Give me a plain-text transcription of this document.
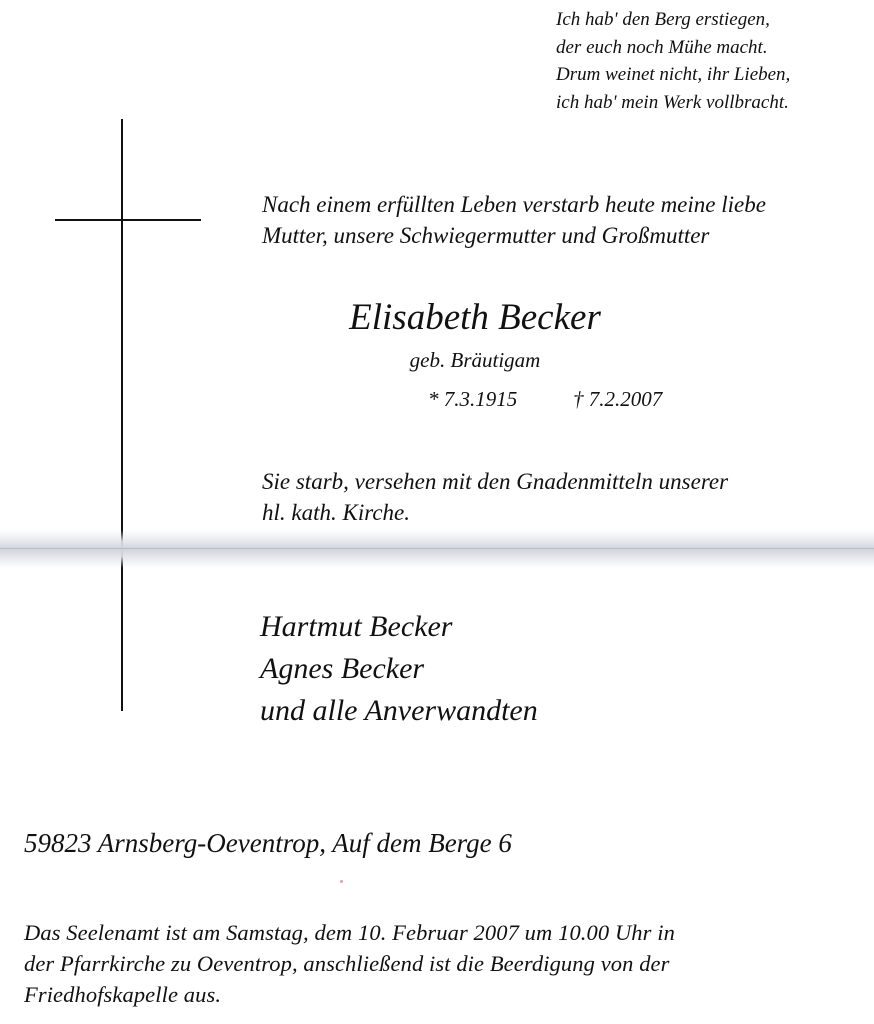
Ich hab' den Berg erstiegen,
der euch noch Mühe macht.
Drum weinet nicht, ihr Lieben,
ich hab' mein Werk vollbracht.
Nach einem erfüllten Leben verstarb heute meine liebe
Mutter, unsere Schwiegermutter und Großmutter
Elisabeth Becker
geb. Bräutigam
* 7.3.1915	† 7.2.2007
Sie starb, versehen mit den Gnadenmitteln unserer
hl. kath. Kirche.
Hartmut Becker
Agnes Becker
und alle Anverwandten
59823 Arnsberg-Oeventrop, Auf dem Berge 6
Das Seelenamt ist am Samstag, dem 10. Februar 2007 um 10.00 Uhr in
der Pfarrkirche zu Oeventrop, anschließend ist die Beerdigung von der
Friedhofskapelle aus.
